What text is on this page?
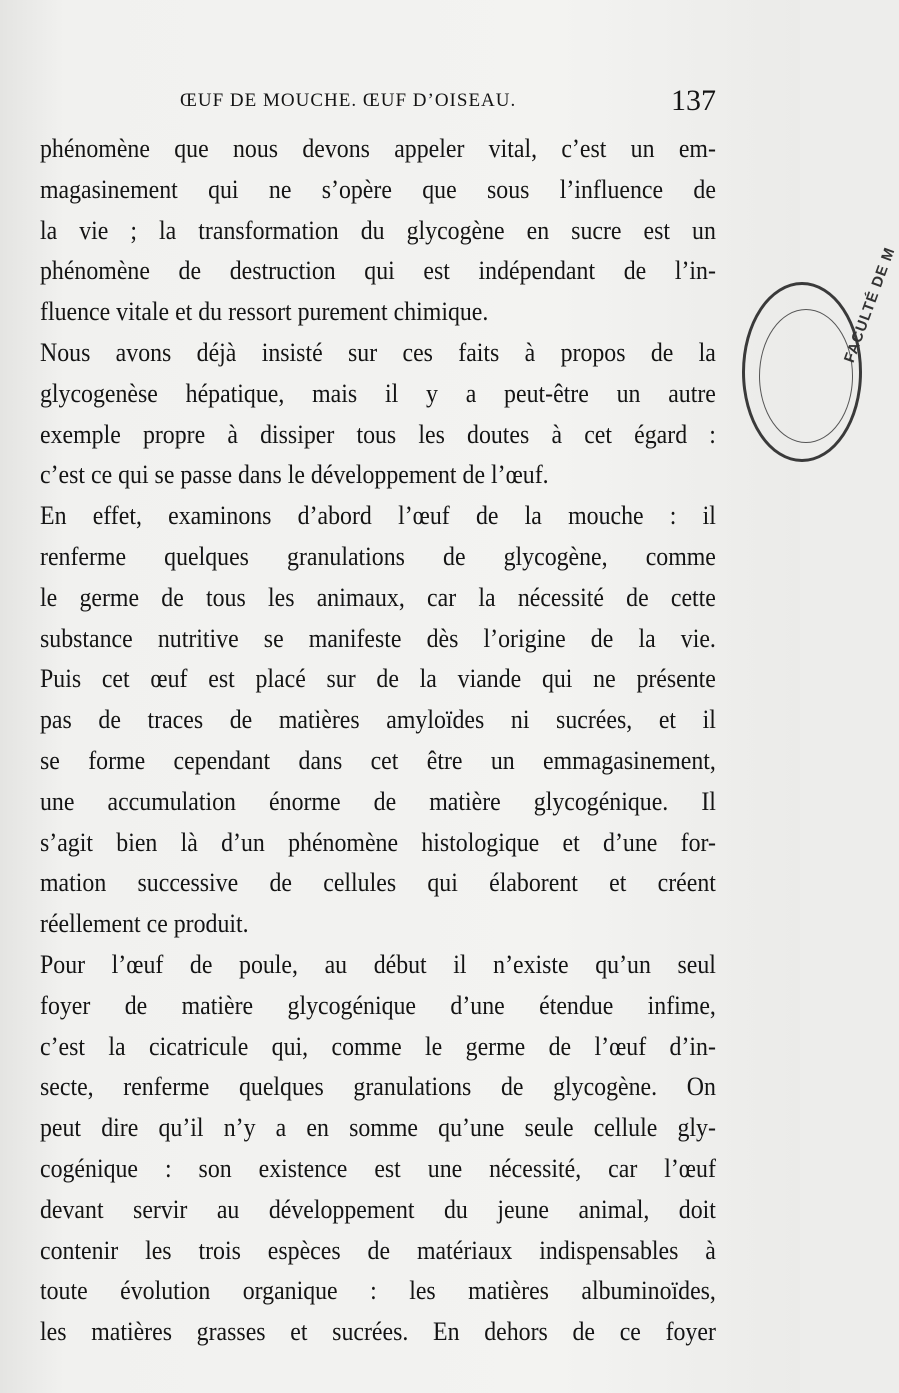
ŒUF DE MOUCHE. ŒUF D’OISEAU.	137
phénomène que nous devons appeler vital, c’est un em-
magasinement qui ne s’opère que sous l’influence de
la vie ; la transformation du glycogène en sucre est un
phénomène de destruction qui est indépendant de l’in-
fluence vitale et du ressort purement chimique.
Nous avons déjà insisté sur ces faits à propos de la
glycogenèse hépatique, mais il y a peut-être un autre
exemple propre à dissiper tous les doutes à cet égard :
c’est ce qui se passe dans le développement de l’œuf.
En effet, examinons d’abord l’œuf de la mouche : il
renferme quelques granulations de glycogène, comme
le germe de tous les animaux, car la nécessité de cette
substance nutritive se manifeste dès l’origine de la vie.
Puis cet œuf est placé sur de la viande qui ne présente
pas de traces de matières amyloïdes ni sucrées, et il
se forme cependant dans cet être un emmagasinement,
une accumulation énorme de matière glycogénique. Il
s’agit bien là d’un phénomène histologique et d’une for-
mation successive de cellules qui élaborent et créent
réellement ce produit.
Pour l’œuf de poule, au début il n’existe qu’un seul
foyer de matière glycogénique d’une étendue infime,
c’est la cicatricule qui, comme le germe de l’œuf d’in-
secte, renferme quelques granulations de glycogène. On
peut dire qu’il n’y a en somme qu’une seule cellule gly-
cogénique : son existence est une nécessité, car l’œuf
devant servir au développement du jeune animal, doit
contenir les trois espèces de matériaux indispensables à
toute évolution organique : les matières albuminoïdes,
les matières grasses et sucrées. En dehors de ce foyer
FACULTÉ DE M
